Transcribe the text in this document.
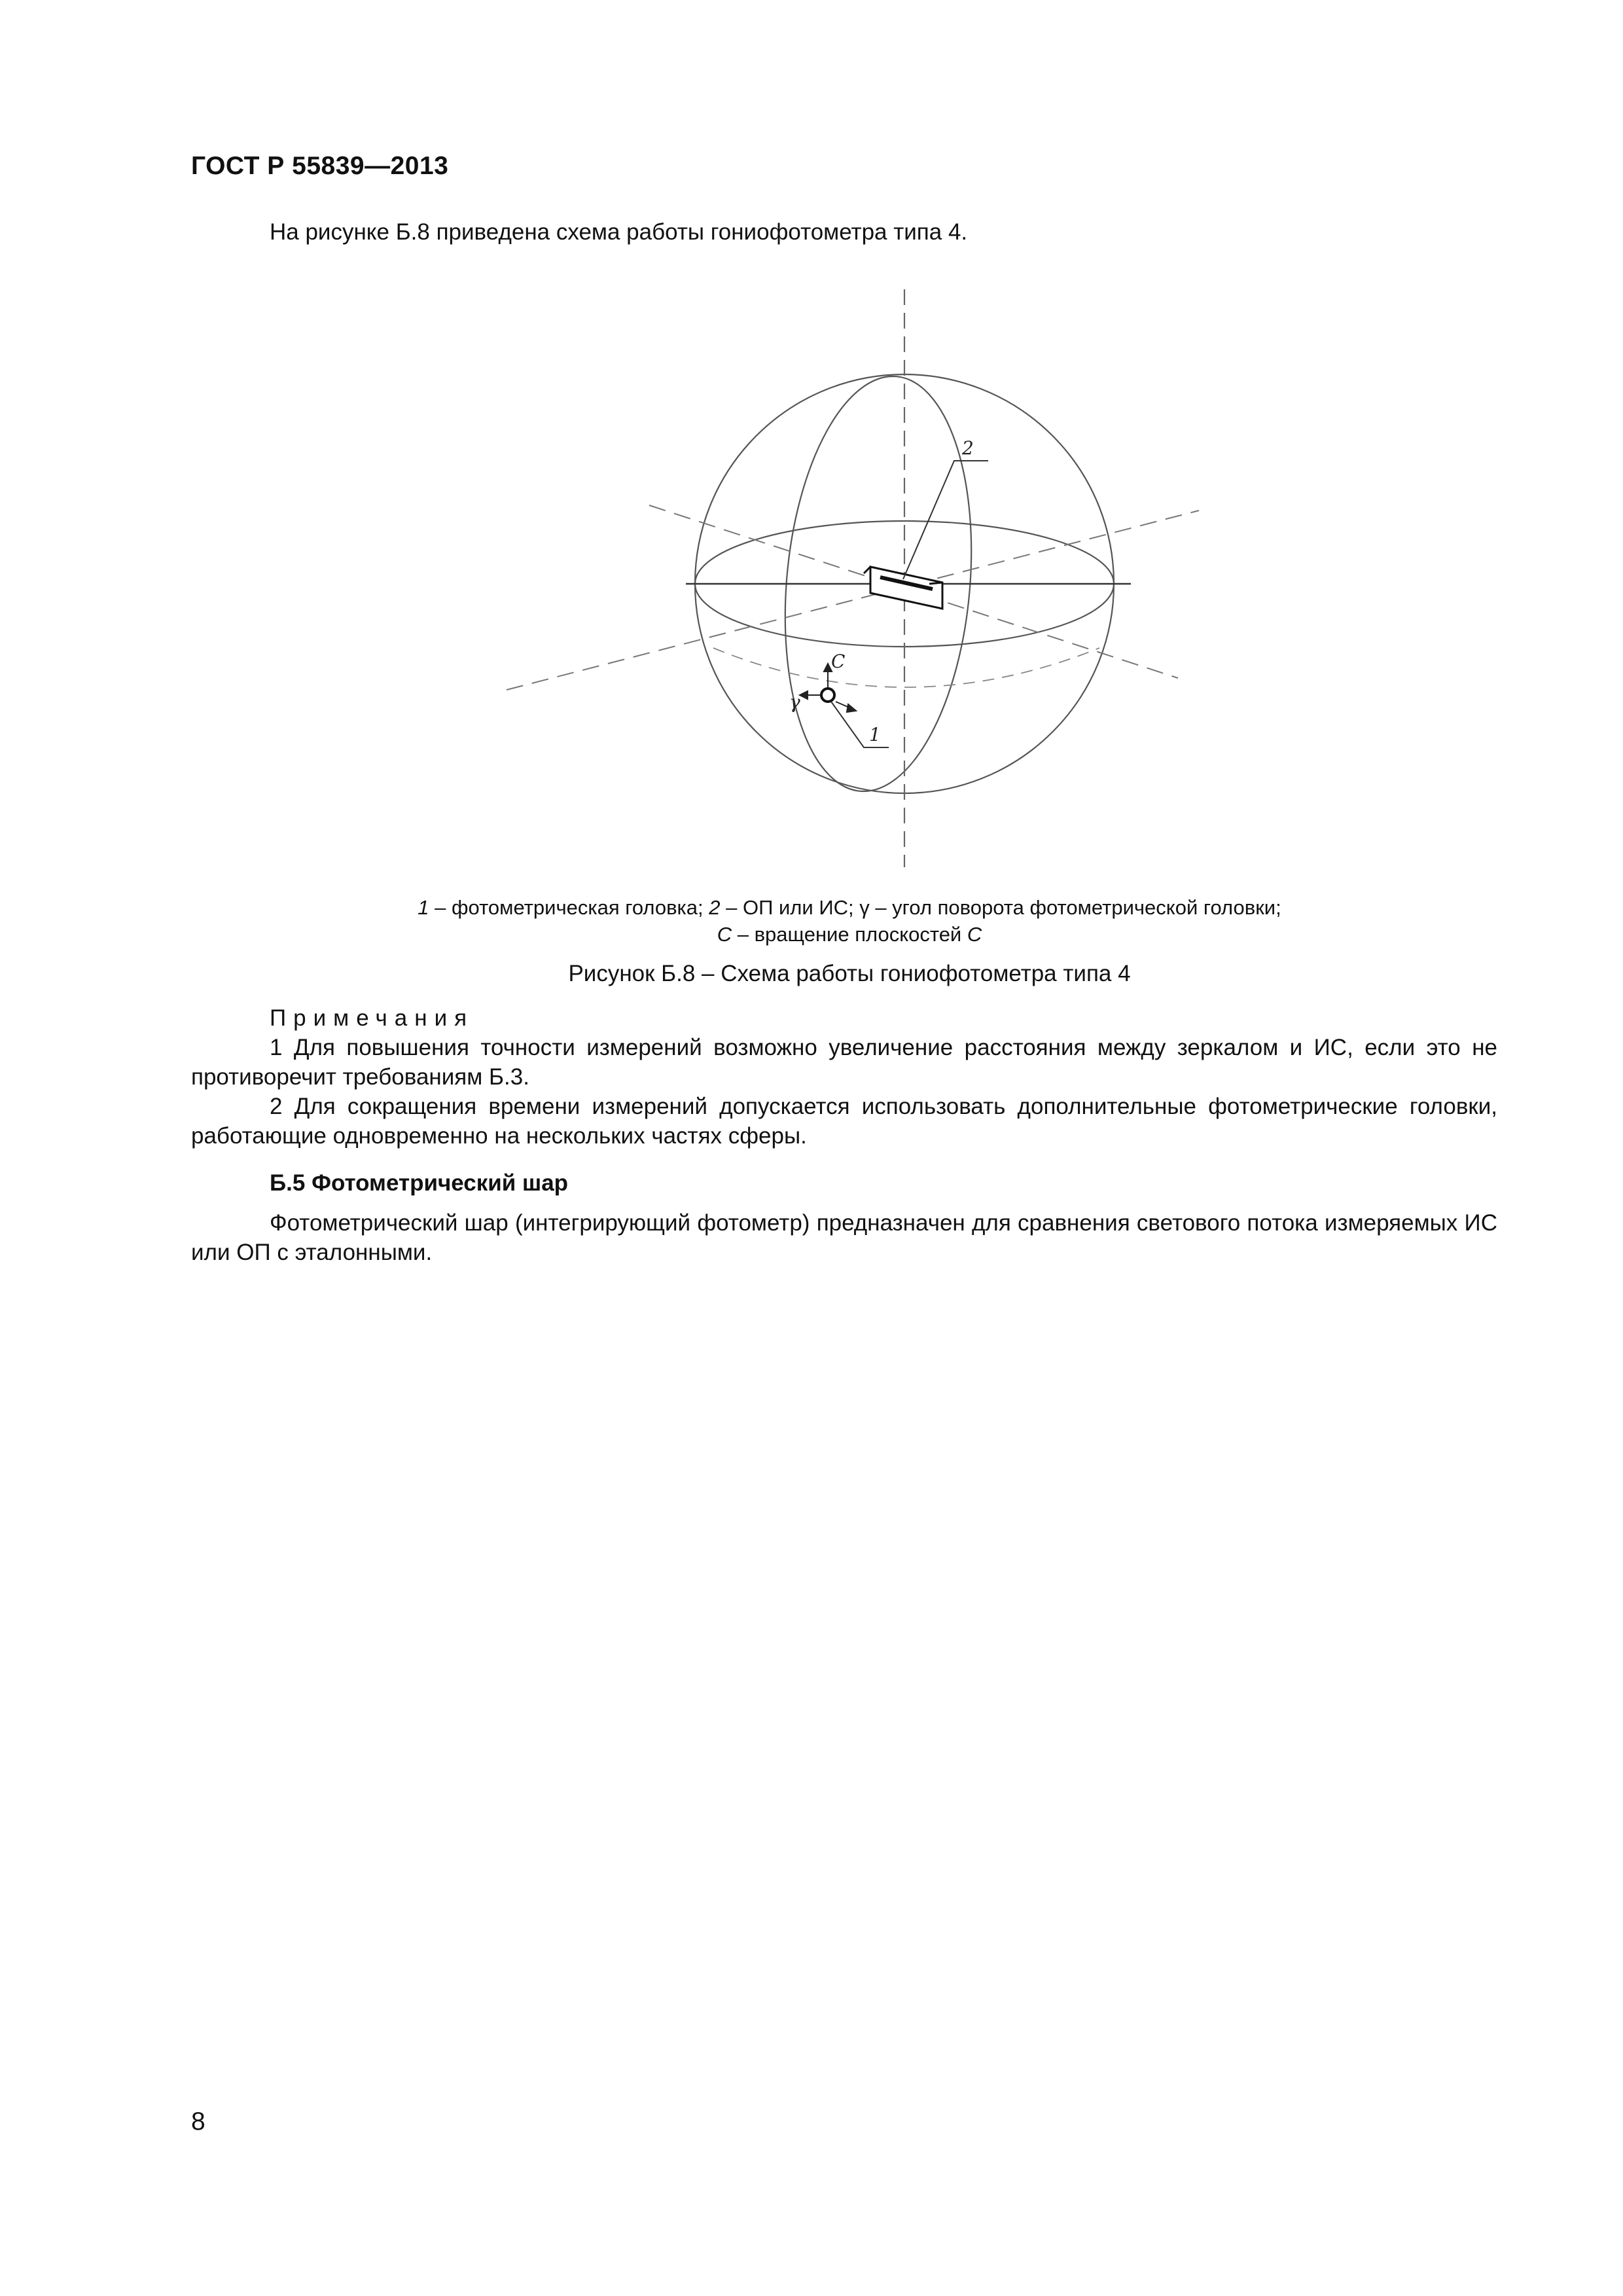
ГОСТ Р 55839—2013
На рисунке Б.8 приведена схема работы гониофотометра типа 4.
2
1
C
γ
1 – фотометрическая головка; 2 – ОП или ИС; γ – угол поворота фотометрической головки;
C – вращение плоскостей C
Рисунок Б.8 – Схема работы гониофотометра типа 4
Примечания
1 Для повышения точности измерений возможно увеличение расстояния между зеркалом и ИС, если это не противоречит требованиям Б.3.
2 Для сокращения времени измерений допускается использовать дополнительные фотометрические головки, работающие одновременно на нескольких частях сферы.
Б.5 Фотометрический шар
Фотометрический шар (интегрирующий фотометр) предназначен для сравнения светового потока измеряемых ИС или ОП с эталонными.
8
